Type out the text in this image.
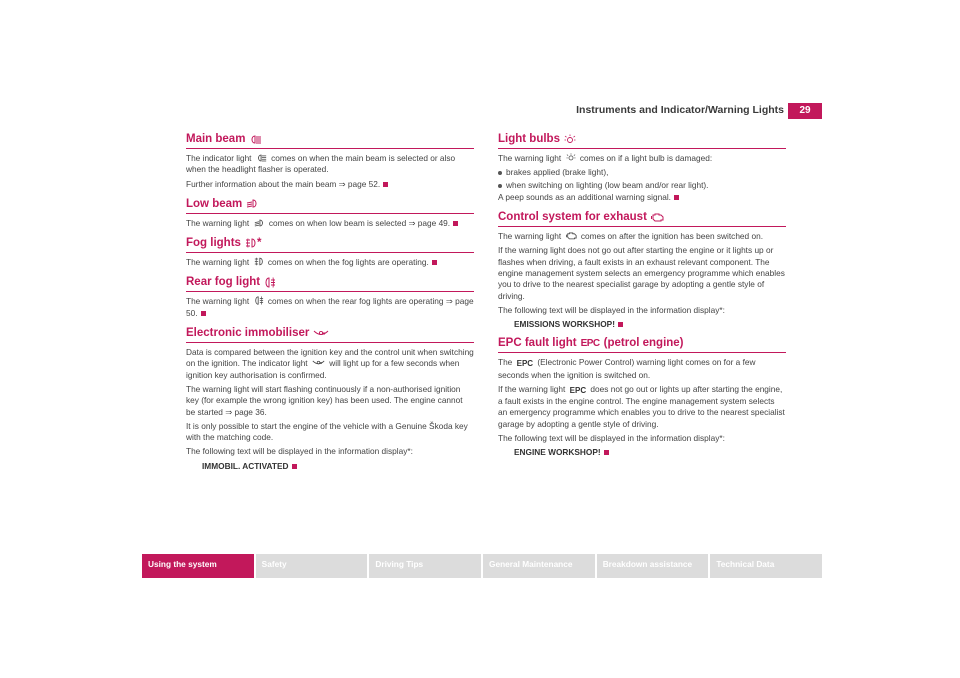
Instruments and Indicator/Warning Lights	29
Main beam

The indicator light comes on when the main beam is selected or also when the headlight flasher is operated.

Further information about the main beam ⇒ page 52.

Low beam

The warning light comes on when low beam is selected ⇒ page 49.

Fog lights *

The warning light comes on when the fog lights are operating.

Rear fog light

The warning light comes on when the rear fog lights are operating ⇒ page 50.

Electronic immobiliser

Data is compared between the ignition key and the control unit when switching on the ignition. The indicator light	will light up for a few seconds when ignition key authorisation is confirmed.

The warning light will start flashing continuously if a non-authorised ignition key (for example the wrong ignition key) has been used. The engine cannot be started ⇒ page 36.

It is only possible to start the engine of the vehicle with a Genuine Škoda key with the matching code.

The following text will be displayed in the information display*:

IMMOBIL. ACTIVATED
Light bulbs

The warning light comes on if a light bulb is damaged:

brakes applied (brake light),
when switching on lighting (low beam and/or rear light).

A peep sounds as an additional warning signal.

Control system for exhaust

The warning light comes on after the ignition has been switched on.

If the warning light does not go out after starting the engine or it lights up or flashes when driving, a fault exists in an exhaust relevant component. The engine management system selects an emergency programme which enables you to drive to the nearest specialist garage by adopting a gentle style of driving.

The following text will be displayed in the information display*:

EMISSIONS WORKSHOP!
EPC fault light EPC (petrol engine)

The EPC (Electronic Power Control) warning light comes on for a few seconds when the ignition is switched on.

If the warning light EPC does not go out or lights up after starting the engine, a fault exists in the engine control. The engine management system selects an emergency programme which enables you to drive to the nearest specialist garage by adopting a gentle style of driving.

The following text will be displayed in the information display*:

ENGINE WORKSHOP!
Using the system	Safety	Driving Tips	General Maintenance	Breakdown assistance	Technical Data
